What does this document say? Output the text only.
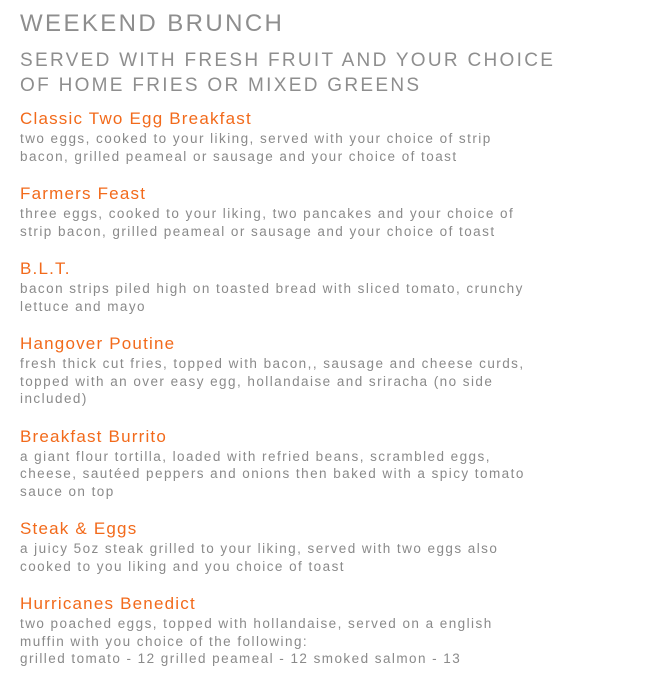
WEEKEND BRUNCH
SERVED WITH FRESH FRUIT AND YOUR CHOICE
OF HOME FRIES OR MIXED GREENS
Classic Two Egg Breakfast
two eggs, cooked to your liking, served with your choice of strip
bacon, grilled peameal or sausage and your choice of toast
Farmers Feast
three eggs, cooked to your liking, two pancakes and your choice of
strip bacon, grilled peameal or sausage and your choice of toast
B.L.T.
bacon strips piled high on toasted bread with sliced tomato, crunchy
lettuce and mayo
Hangover Poutine
fresh thick cut fries, topped with bacon,, sausage and cheese curds,
topped with an over easy egg, hollandaise and sriracha (no side
included)
Breakfast Burrito
a giant flour tortilla, loaded with refried beans, scrambled eggs,
cheese, sautéed peppers and onions then baked with a spicy tomato
sauce on top
Steak & Eggs
a juicy 5oz steak grilled to your liking, served with two eggs also
cooked to you liking and you choice of toast
Hurricanes Benedict
two poached eggs, topped with hollandaise, served on a english
muffin with you choice of the following:
grilled tomato - 12 grilled peameal - 12 smoked salmon - 13
